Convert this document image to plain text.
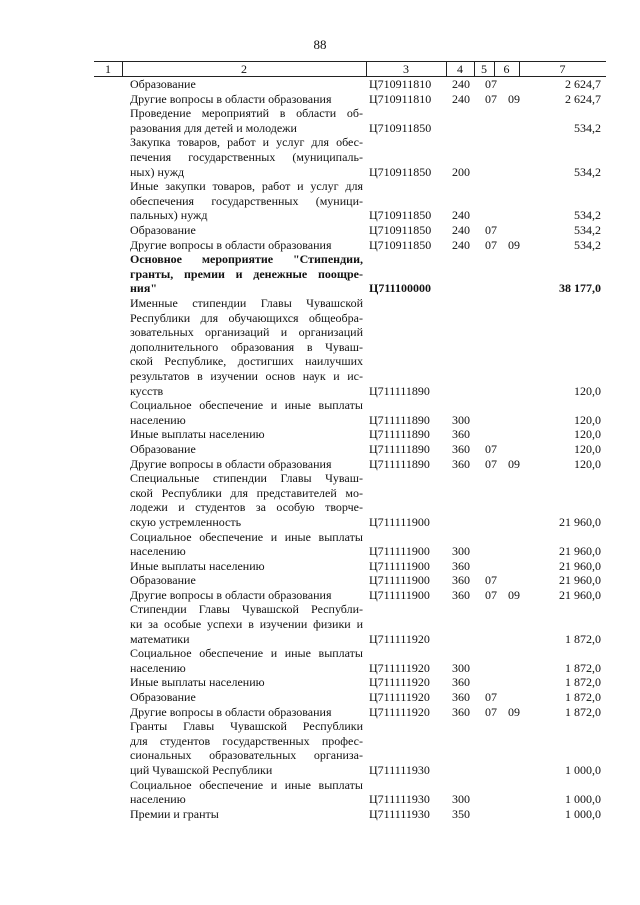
88
1	2	3	4	5	6	7
Образование	Ц710911810 240 07	2 624,7
Другие вопросы в области образования	Ц710911810 240 07 09	2 624,7
Проведение мероприятий в области об-
разования для детей и молодежи	Ц710911850	534,2
Закупка товаров, работ и услуг для обес-
печения государственных (муниципаль-
ных) нужд	Ц710911850 200	534,2
Иные закупки товаров, работ и услуг для
обеспечения государственных (муници-
пальных) нужд	Ц710911850 240	534,2
Образование	Ц710911850 240 07	534,2
Другие вопросы в области образования	Ц710911850 240 07 09	534,2
Основное мероприятие "Стипендии,
гранты, премии и денежные поощре-
ния"	Ц711100000	38 177,0
Именные стипендии Главы Чувашской
Республики для обучающихся общеобра-
зовательных организаций и организаций
дополнительного образования в Чуваш-
ской Республике, достигших наилучших
результатов в изучении основ наук и ис-
кусств	Ц711111890	120,0
Социальное обеспечение и иные выплаты
населению	Ц711111890 300	120,0
Иные выплаты населению	Ц711111890 360	120,0
Образование	Ц711111890 360 07	120,0
Другие вопросы в области образования	Ц711111890 360 07 09	120,0
Специальные стипендии Главы Чуваш-
ской Республики для представителей мо-
лодежи и студентов за особую творче-
скую устремленность	Ц711111900	21 960,0
Социальное обеспечение и иные выплаты
населению	Ц711111900 300	21 960,0
Иные выплаты населению	Ц711111900 360	21 960,0
Образование	Ц711111900 360 07	21 960,0
Другие вопросы в области образования	Ц711111900 360 07 09	21 960,0
Стипендии Главы Чувашской Республи-
ки за особые успехи в изучении физики и
математики	Ц711111920	1 872,0
Социальное обеспечение и иные выплаты
населению	Ц711111920 300	1 872,0
Иные выплаты населению	Ц711111920 360	1 872,0
Образование	Ц711111920 360 07	1 872,0
Другие вопросы в области образования	Ц711111920 360 07 09	1 872,0
Гранты Главы Чувашской Республики
для студентов государственных профес-
сиональных образовательных организа-
ций Чувашской Республики	Ц711111930	1 000,0
Социальное обеспечение и иные выплаты
населению	Ц711111930 300	1 000,0
Премии и гранты	Ц711111930 350	1 000,0
